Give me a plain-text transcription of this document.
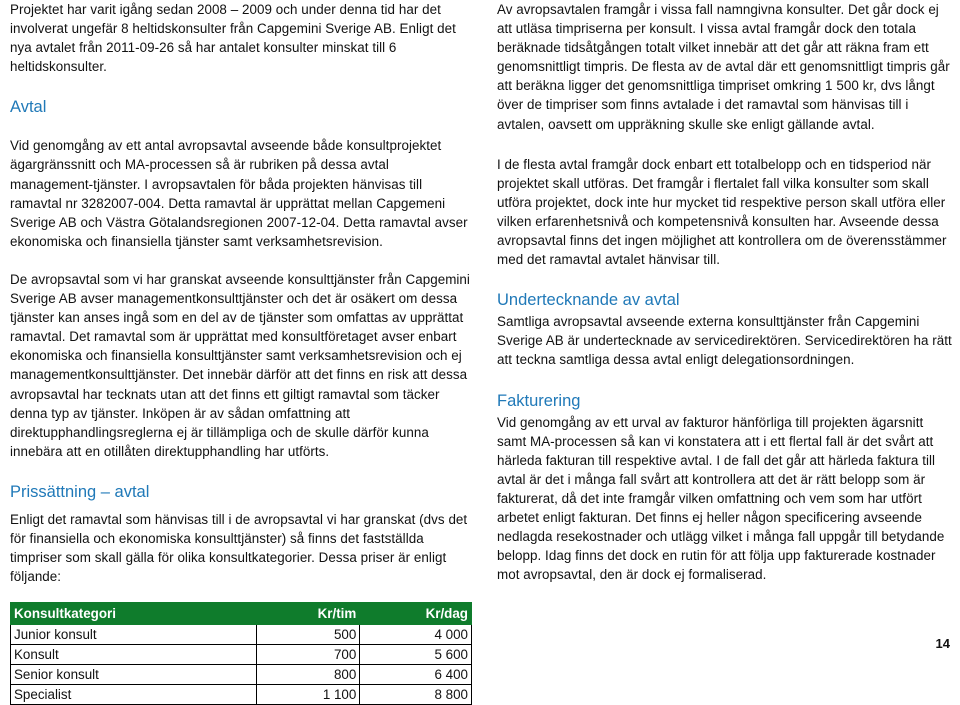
Projektet har varit igång sedan 2008 – 2009 och under denna tid har det involverat ungefär 8 heltidskonsulter från Capgemini Sverige AB. Enligt det nya avtalet från 2011-09-26 så har antalet konsulter minskat till 6 heltidskonsulter.

Avtal

Vid genomgång av ett antal avropsavtal avseende både konsultprojektet ägargränssnitt och MA-processen så är rubriken på dessa avtal management-tjänster. I avropsavtalen för båda projekten hänvisas till ramavtal nr 3282007-004. Detta ramavtal är upprättat mellan Capgemeni Sverige AB och Västra Götalandsregionen 2007-12-04. Detta ramavtal avser ekonomiska och finansiella tjänster samt verksamhetsrevision.

De avropsavtal som vi har granskat avseende konsulttjänster från Capgemini Sverige AB avser managementkonsulttjänster och det är osäkert om dessa tjänster kan anses ingå som en del av de tjänster som omfattas av upprättat ramavtal. Det ramavtal som är upprättat med konsultföretaget avser enbart ekonomiska och finansiella konsulttjänster samt verksamhetsrevision och ej managementkonsulttjänster. Det innebär därför att det finns en risk att dessa avropsavtal har tecknats utan att det finns ett giltigt ramavtal som täcker denna typ av tjänster. Inköpen är av sådan omfattning att direktupphandlingsreglerna ej är tillämpliga och de skulle därför kunna innebära att en otillåten direktupphandling har utförts.

Prissättning – avtal

Enligt det ramavtal som hänvisas till i de avropsavtal vi har granskat (dvs det för finansiella och ekonomiska konsulttjänster) så finns det fastställda timpriser som skall gälla för olika konsultkategorier. Dessa priser är enligt följande:

Konsultkategori	Kr/tim	Kr/dag
Junior konsult	500	4 000
Konsult	700	5 600
Senior konsult	800	6 400
Specialist	1 100	8 800

Av avropsavtalen framgår i vissa fall namngivna konsulter. Det går dock ej att utläsa timpriserna per konsult. I vissa avtal framgår dock den totala beräknade tidsåtgången totalt vilket innebär att det går att räkna fram ett genomsnittligt timpris. De flesta av de avtal där ett genomsnittligt timpris går att beräkna ligger det genomsnittliga timpriset omkring 1 500 kr, dvs långt över de timpriser som finns avtalade i det ramavtal som hänvisas till i avtalen, oavsett om uppräkning skulle ske enligt gällande avtal.

I de flesta avtal framgår dock enbart ett totalbelopp och en tidsperiod när projektet skall utföras. Det framgår i flertalet fall vilka konsulter som skall utföra projektet, dock inte hur mycket tid respektive person skall utföra eller vilken erfarenhetsnivå och kompetensnivå konsulten har. Avseende dessa avropsavtal finns det ingen möjlighet att kontrollera om de överensstämmer med det ramavtal avtalet hänvisar till.

Undertecknande av avtal

Samtliga avropsavtal avseende externa konsulttjänster från Capgemini Sverige AB är undertecknade av servicedirektören. Servicedirektören ha rätt att teckna samtliga dessa avtal enligt delegationsordningen.

Fakturering

Vid genomgång av ett urval av fakturor hänförliga till projekten ägarsnitt samt MA-processen så kan vi konstatera att i ett flertal fall är det svårt att härleda fakturan till respektive avtal. I de fall det går att härleda faktura till avtal är det i många fall svårt att kontrollera att det är rätt belopp som är fakturerat, då det inte framgår vilken omfattning och vem som har utfört arbetet enligt fakturan. Det finns ej heller någon specificering avseende nedlagda resekostnader och utlägg vilket i många fall uppgår till betydande belopp. Idag finns det dock en rutin för att följa upp fakturerade kostnader mot avropsavtal, den är dock ej formaliserad.

14
